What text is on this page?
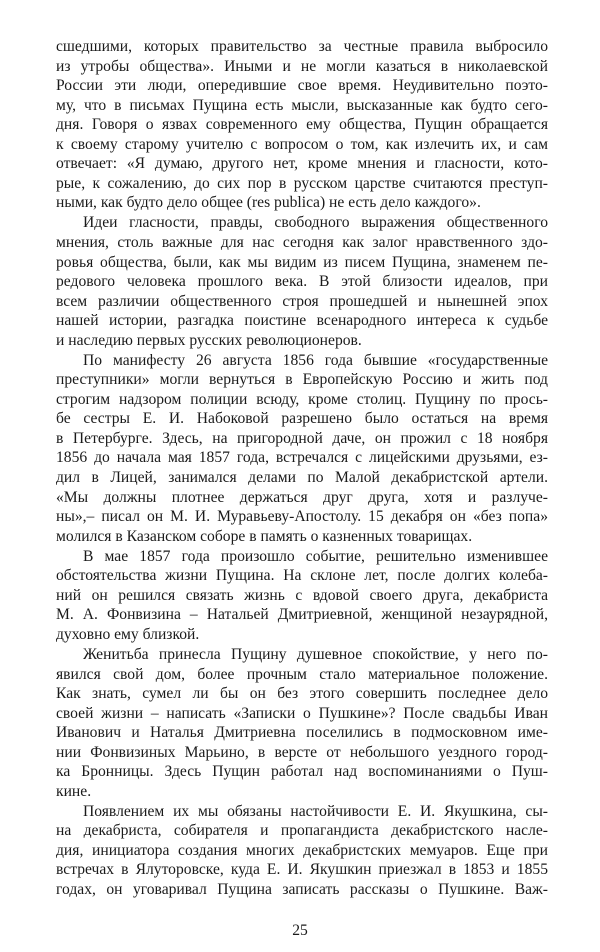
сшедшими, которых правительство за честные правила выбросило
из утробы общества». Иными и не могли казаться в николаевской
России эти люди, опередившие свое время. Неудивительно поэто-
му, что в письмах Пущина есть мысли, высказанные как будто сего-
дня. Говоря о язвах современного ему общества, Пущин обращается
к своему старому учителю с вопросом о том, как излечить их, и сам
отвечает: «Я думаю, другого нет, кроме мнения и гласности, кото-
рые, к сожалению, до сих пор в русском царстве считаются преступ-
ными, как будто дело общее (res publica) не есть дело каждого».
Идеи гласности, правды, свободного выражения общественного
мнения, столь важные для нас сегодня как залог нравственного здо-
ровья общества, были, как мы видим из писем Пущина, знаменем пе-
редового человека прошлого века. В этой близости идеалов, при
всем различии общественного строя прошедшей и нынешней эпох
нашей истории, разгадка поистине всенародного интереса к судьбе
и наследию первых русских революционеров.
По манифесту 26 августа 1856 года бывшие «государственные
преступники» могли вернуться в Европейскую Россию и жить под
строгим надзором полиции всюду, кроме столиц. Пущину по прось-
бе сестры Е. И. Набоковой разрешено было остаться на время
в Петербурге. Здесь, на пригородной даче, он прожил с 18 ноября
1856 до начала мая 1857 года, встречался с лицейскими друзьями, ез-
дил в Лицей, занимался делами по Малой декабристской артели.
«Мы должны плотнее держаться друг друга, хотя и разлуче-
ны»,– писал он М. И. Муравьеву-Апостолу. 15 декабря он «без попа»
молился в Казанском соборе в память о казненных товарищах.
В мае 1857 года произошло событие, решительно изменившее
обстоятельства жизни Пущина. На склоне лет, после долгих колеба-
ний он решился связать жизнь с вдовой своего друга, декабриста
М. А. Фонвизина – Натальей Дмитриевной, женщиной незаурядной,
духовно ему близкой.
Женитьба принесла Пущину душевное спокойствие, у него по-
явился свой дом, более прочным стало материальное положение.
Как знать, сумел ли бы он без этого совершить последнее дело
своей жизни – написать «Записки о Пушкине»? После свадьбы Иван
Иванович и Наталья Дмитриевна поселились в подмосковном име-
нии Фонвизиных Марьино, в версте от небольшого уездного город-
ка Бронницы. Здесь Пущин работал над воспоминаниями о Пуш-
кине.
Появлением их мы обязаны настойчивости Е. И. Якушкина, сы-
на декабриста, собирателя и пропагандиста декабристского насле-
дия, инициатора создания многих декабристских мемуаров. Еще при
встречах в Ялуторовске, куда Е. И. Якушкин приезжал в 1853 и 1855
годах, он уговаривал Пущина записать рассказы о Пушкине. Важ-
25
